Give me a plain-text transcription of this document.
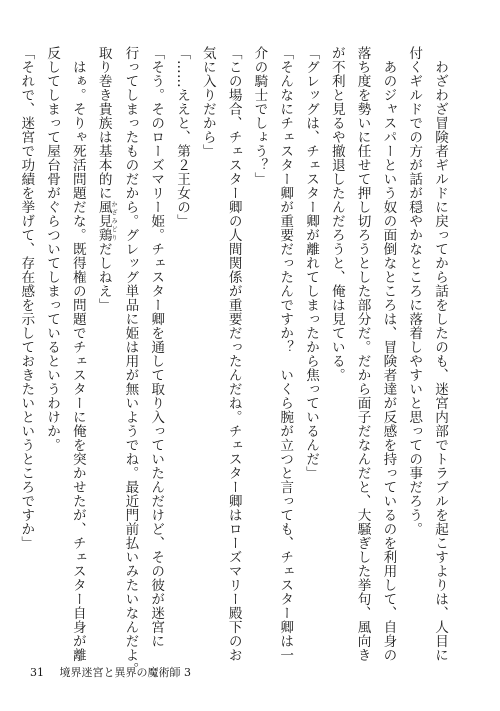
わざわざ冒険者ギルドに戻ってから話をしたのも、迷宮内部でトラブルを起こすよりは、人目に

付くギルドでの方が話が穏やかなところに落着しやすいと思っての事だろう。

あのジャスパーという奴の面倒なところは、冒険者達が反感を持っているのを利用して、自身の

落ち度を勢いに任せて押し切ろうとした部分だ。だから面子だなんだと、大騒ぎした挙句、風向き

が不利と見るや撤退したんだろうと、俺は見ている。

「グレッグは、チェスター卿が離れてしまったから焦っているんだ」

「そんなにチェスター卿が重要だったんですか？　いくら腕が立つと言っても、チェスター卿は一

介の騎士でしょう？」

「この場合、チェスター卿の人間関係が重要だったんだね。チェスター卿はローズマリー殿下のお

気に入りだから」

「……ええと、第２王女の」

「そう。そのローズマリー姫。チェスター卿を通して取り入っていたんだけど、その彼が迷宮に

行ってしまったものだから。グレッグ単品に姫は用が無いようでね。最近門前払いみたいなんだよ。

取り巻き貴族は基本的に風見鶏かざみどりだしねえ」

はぁ。そりゃ死活問題だな。既得権の問題でチェスターに俺を突かせたが、チェスター自身が離

反してしまって屋台骨がぐらついてしまっているというわけか。

「それで、迷宮で功績を挙げて、存在感を示しておきたいというところですか」

31 境界迷宮と異界の魔術師 3
